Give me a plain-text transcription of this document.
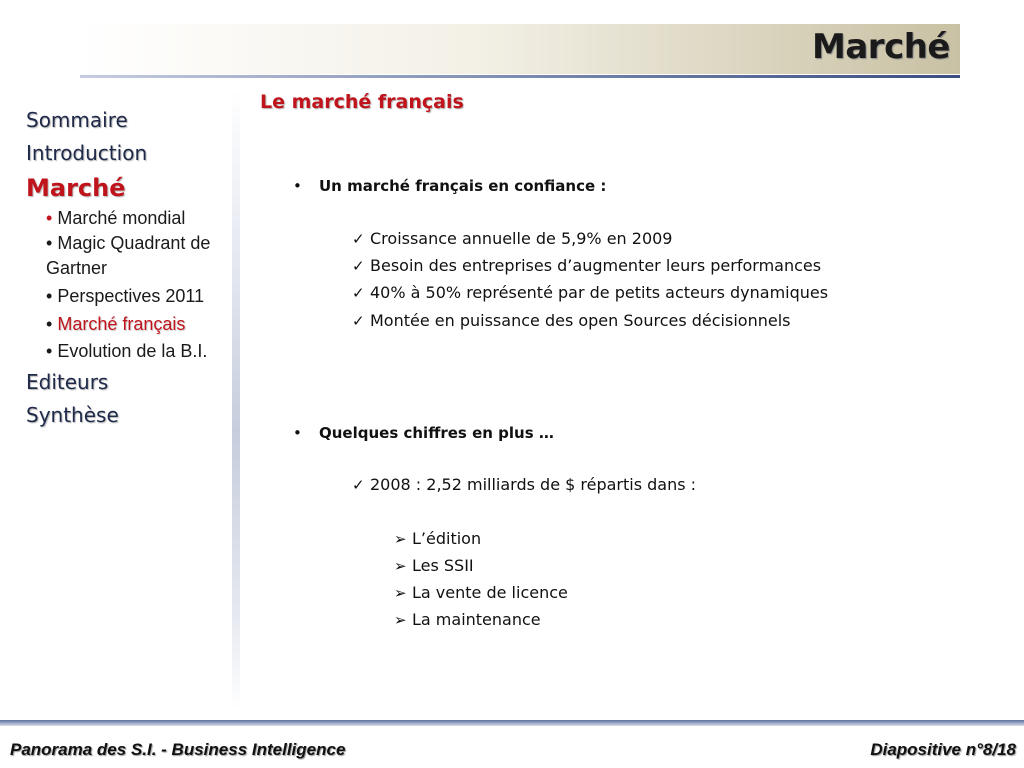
Marché
Le marché français
Sommaire
Introduction
Marché
• Marché mondial
• Magic Quadrant de Gartner
• Perspectives 2011
• Marché français
• Evolution de la B.I.
Editeurs
Synthèse
• Un marché français en confiance :
✓ Croissance annuelle de 5,9% en 2009
✓ Besoin des entreprises d’augmenter leurs performances
✓ 40% à 50% représenté par de petits acteurs dynamiques
✓ Montée en puissance des open Sources décisionnels
• Quelques chiffres en plus …
✓ 2008 : 2,52 milliards de $ répartis dans :
➢ L’édition
➢ Les SSII
➢ La vente de licence
➢ La maintenance
Panorama des S.I. - Business Intelligence	Diapositive n°8/18
